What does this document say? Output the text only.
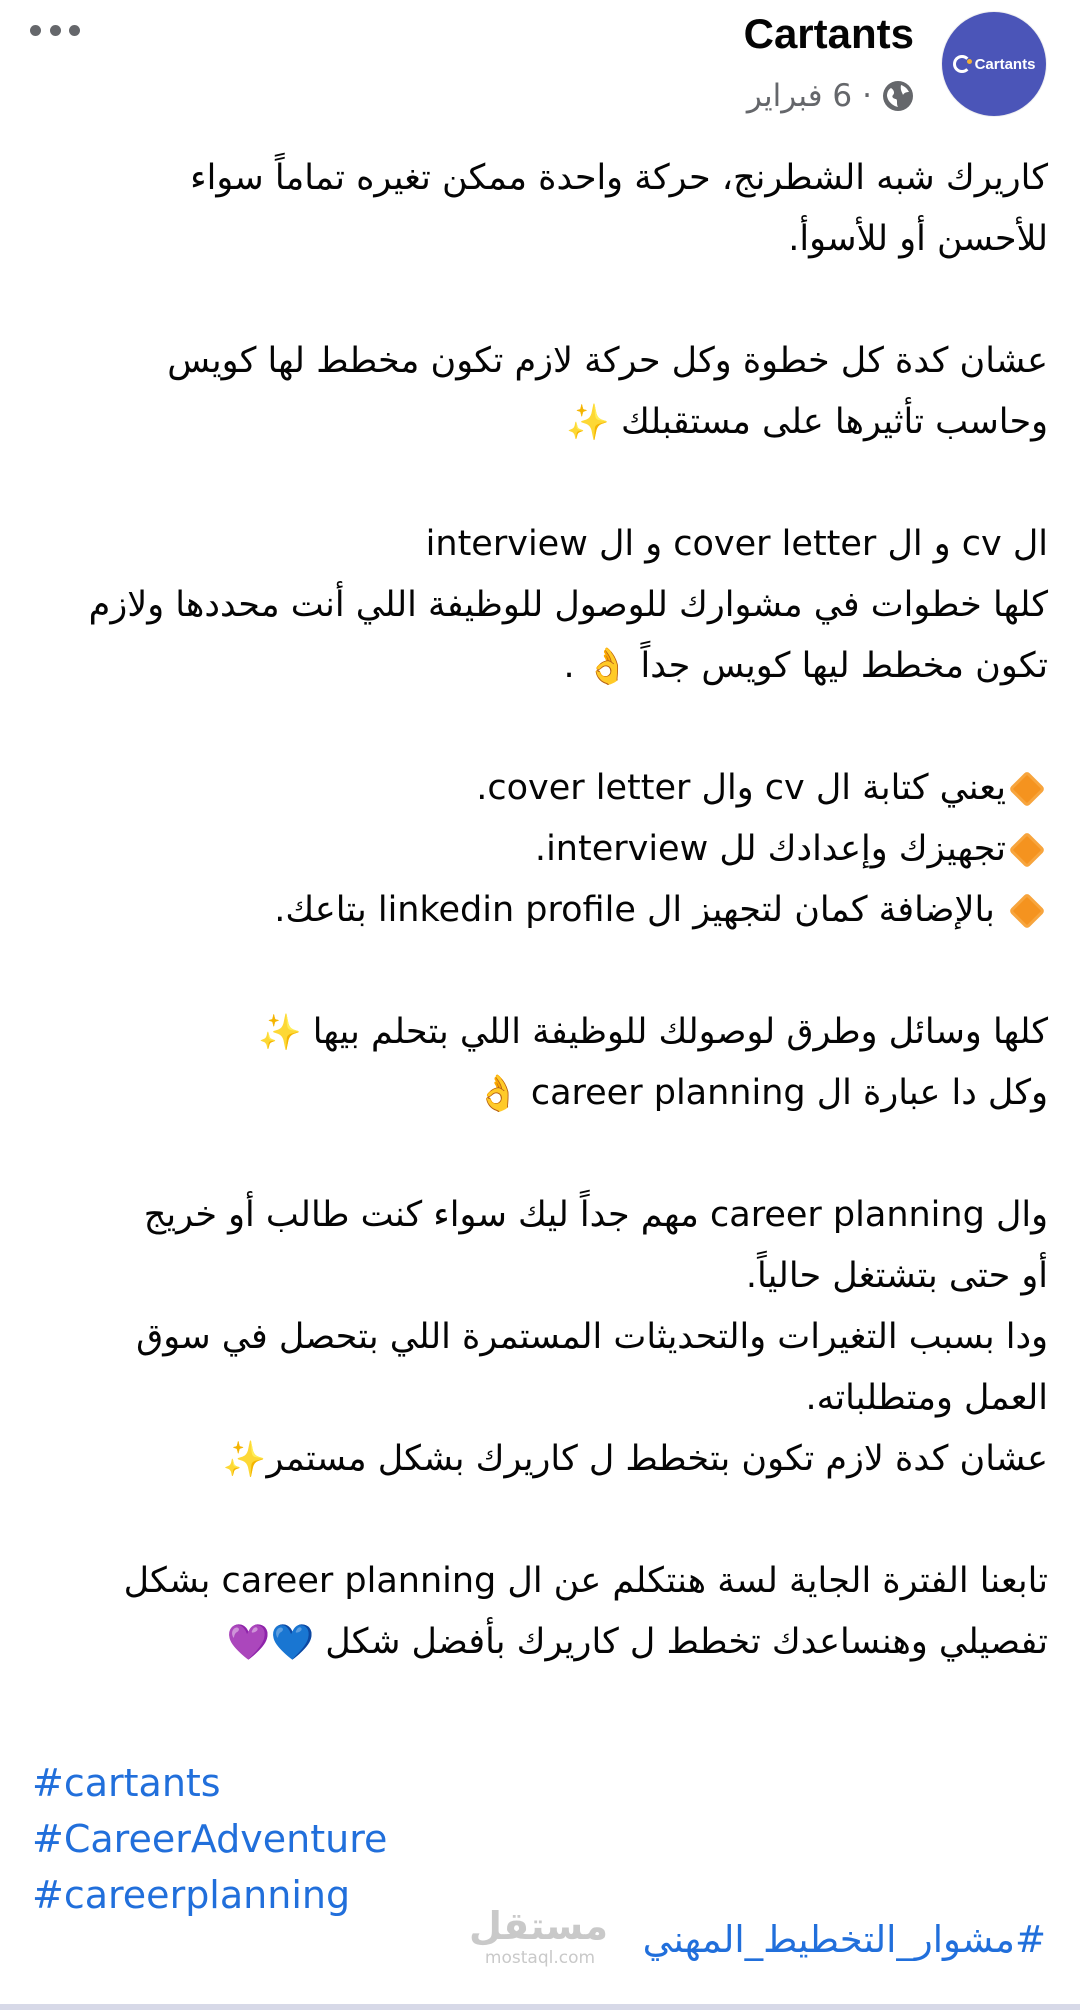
Cartants
Cartants
6 فبراير ·
كاريرك شبه الشطرنج، حركة واحدة ممكن تغيره تماماً سواء
للأحسن أو للأسوأ.
عشان كدة كل خطوة وكل حركة لازم تكون مخطط لها كويس
وحاسب تأثيرها على مستقبلك ✨
ال cv و ال cover letter و ال interview
كلها خطوات في مشوارك للوصول للوظيفة اللي أنت محددها ولازم
تكون مخطط ليها كويس جداً 👌 .
يعني كتابة ال cv وال cover letter.
تجهيزك وإعدادك لل interview.
بالإضافة كمان لتجهيز ال linkedin profile بتاعك.
كلها وسائل وطرق لوصولك للوظيفة اللي بتحلم بيها ✨
وكل دا عبارة ال career planning 👌
وال career planning مهم جداً ليك سواء كنت طالب أو خريج
أو حتى بتشتغل حالياً.
ودا بسبب التغيرات والتحديثات المستمرة اللي بتحصل في سوق
العمل ومتطلباته.
عشان كدة لازم تكون بتخطط ل كاريرك بشكل مستمر✨
تابعنا الفترة الجاية لسة هنتكلم عن ال career planning بشكل
تفصيلي وهنساعدك تخطط ل كاريرك بأفضل شكل 💙💜
#cartants
#CareerAdventure
#careerplanning
مستقل
mostaql.com	#مشوار_التخطيط_المهني
